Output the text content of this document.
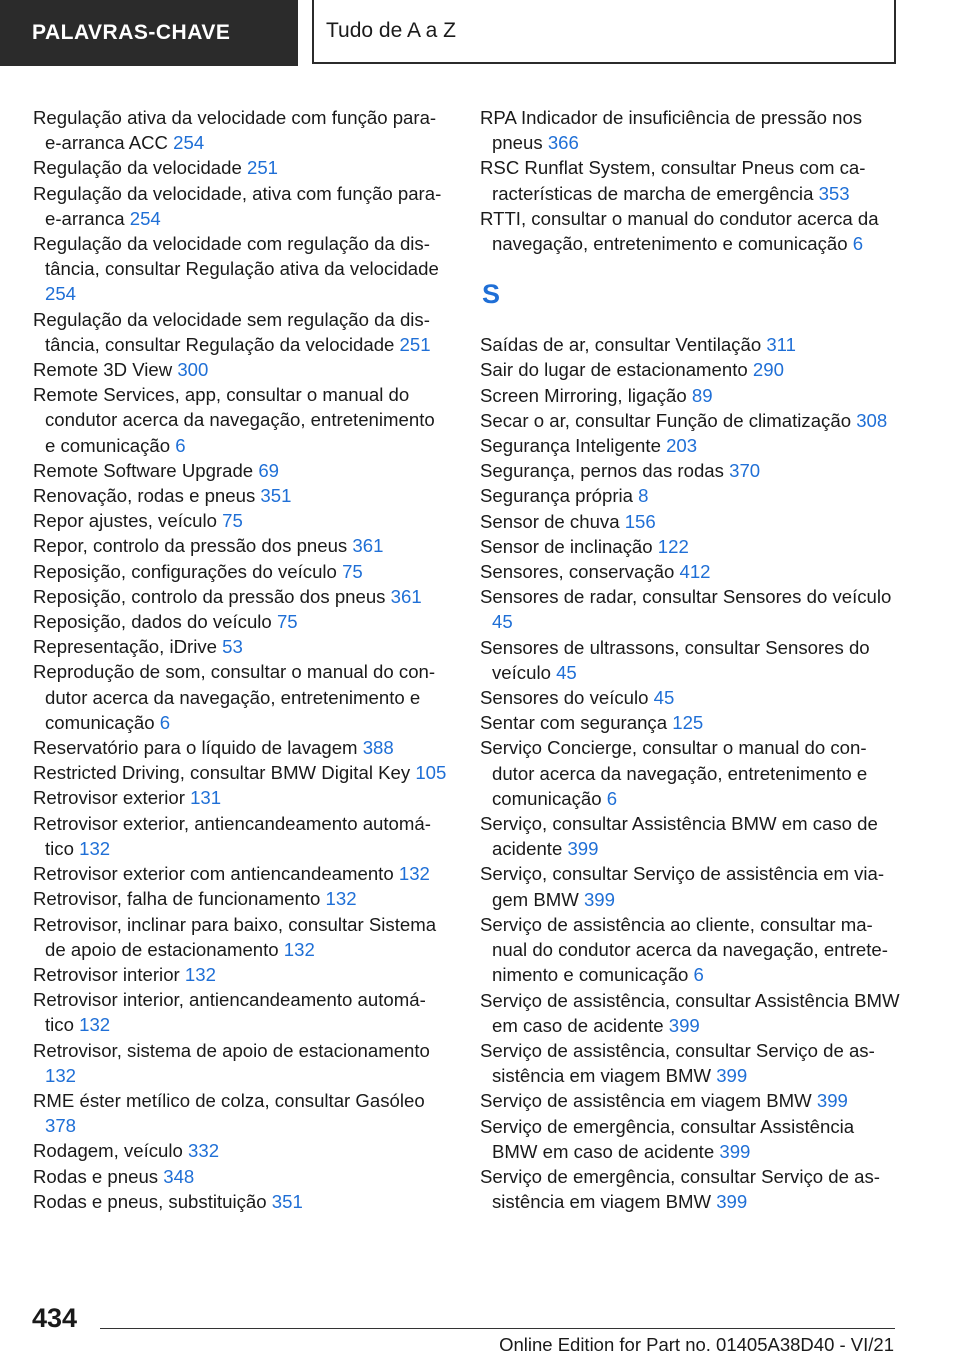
PALAVRAS-CHAVE	Tudo de A a Z
Regulação ativa da velocidade com função para-e-arranca ACC 254
Regulação da velocidade 251
Regulação da velocidade, ativa com função para-e-arranca 254
Regulação da velocidade com regulação da distância, consultar Regulação ativa da velocidade 254
Regulação da velocidade sem regulação da distância, consultar Regulação da velocidade 251
Remote 3D View 300
Remote Services, app, consultar o manual do condutor acerca da navegação, entretenimento e comunicação 6
Remote Software Upgrade 69
Renovação, rodas e pneus 351
Repor ajustes, veículo 75
Repor, controlo da pressão dos pneus 361
Reposição, configurações do veículo 75
Reposição, controlo da pressão dos pneus 361
Reposição, dados do veículo 75
Representação, iDrive 53
Reprodução de som, consultar o manual do condutor acerca da navegação, entretenimento e comunicação 6
Reservatório para o líquido de lavagem 388
Restricted Driving, consultar BMW Digital Key 105
Retrovisor exterior 131
Retrovisor exterior, antiencandeamento automático 132
Retrovisor exterior com antiencandeamento 132
Retrovisor, falha de funcionamento 132
Retrovisor, inclinar para baixo, consultar Sistema de apoio de estacionamento 132
Retrovisor interior 132
Retrovisor interior, antiencandeamento automático 132
Retrovisor, sistema de apoio de estacionamento 132
RME éster metílico de colza, consultar Gasóleo 378
Rodagem, veículo 332
Rodas e pneus 348
Rodas e pneus, substituição 351
RPA Indicador de insuficiência de pressão nos pneus 366
RSC Runflat System, consultar Pneus com características de marcha de emergência 353
RTTI, consultar o manual do condutor acerca da navegação, entretenimento e comunicação 6
S
Saídas de ar, consultar Ventilação 311
Sair do lugar de estacionamento 290
Screen Mirroring, ligação 89
Secar o ar, consultar Função de climatização 308
Segurança Inteligente 203
Segurança, pernos das rodas 370
Segurança própria 8
Sensor de chuva 156
Sensor de inclinação 122
Sensores, conservação 412
Sensores de radar, consultar Sensores do veículo 45
Sensores de ultrassons, consultar Sensores do veículo 45
Sensores do veículo 45
Sentar com segurança 125
Serviço Concierge, consultar o manual do condutor acerca da navegação, entretenimento e comunicação 6
Serviço, consultar Assistência BMW em caso de acidente 399
Serviço, consultar Serviço de assistência em viagem BMW 399
Serviço de assistência ao cliente, consultar manual do condutor acerca da navegação, entretenimento e comunicação 6
Serviço de assistência, consultar Assistência BMW em caso de acidente 399
Serviço de assistência, consultar Serviço de assistência em viagem BMW 399
Serviço de assistência em viagem BMW 399
Serviço de emergência, consultar Assistência BMW em caso de acidente 399
Serviço de emergência, consultar Serviço de assistência em viagem BMW 399
434
Online Edition for Part no. 01405A38D40 - VI/21
